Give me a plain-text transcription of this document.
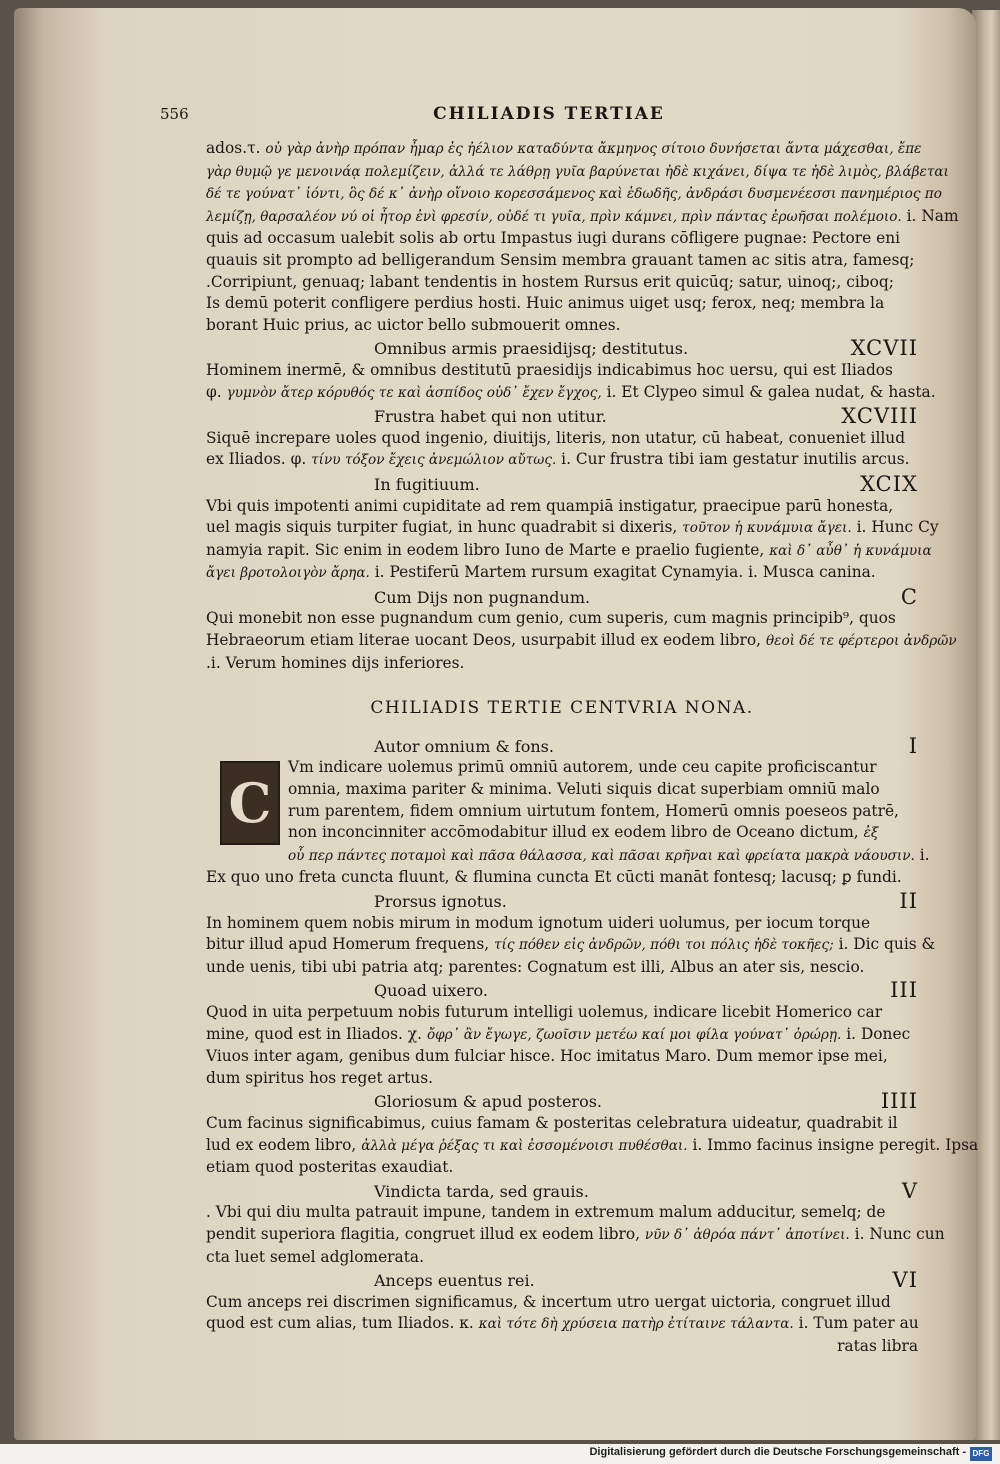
556	CHILIADIS TERTIAE
ados.τ. οὐ γὰρ ἀνὴρ πρόπαν ἦμαρ ἐς ἠέλιον καταδύντα ἄκμηνος σίτοιο δυνήσεται ἄντα μάχεσθαι, ἔπε
γὰρ θυμῷ γε μενοινάᾳ πολεμίζειν, ἀλλά τε λάθρῃ γυῖα βαρύνεται ἠδὲ κιχάνει, δίψα τε ἠδὲ λιμὸς, βλάβεται
δέ τε γούνατ᾽ ἰόντι, ὃς δέ κ᾽ ἀνὴρ οἴνοιο κορεσσάμενος καὶ ἐδωδῆς, ἀνδράσι δυσμενέεσσι πανημέριος πο
λεμίζῃ, θαρσαλέον νύ οἱ ἦτορ ἐνὶ φρεσίν, οὐδέ τι γυῖα, πρὶν κάμνει, πρὶν πάντας ἐρωῆσαι πολέμοιο. i. Nam
quis ad occasum ualebit solis ab ortu Impastus iugi durans cōfligere pugnae: Pectore eni
quauis sit prompto ad belligerandum Sensim membra grauant tamen ac sitis atra, famesq;
.Corripiunt, genuaq; labant tendentis in hostem Rursus erit quicūq; satur, uinoq;, ciboq;
Is demū poterit confligere perdius hosti. Huic animus uiget usq; ferox, neq; membra la
borant Huic prius, ac uictor bello submouerit omnes.
Omnibus armis praesidijsq; destitutus.	XCVII
Hominem inermē, & omnibus destitutū praesidijs indicabimus hoc uersu, qui est Iliados
φ. γυμνὸν ἄτερ κόρυθός τε καὶ ἀσπίδος οὐδ᾽ ἔχεν ἔγχος, i. Et Clypeo simul & galea nudat, & hasta.
Frustra habet qui non utitur.	XCVIII
Siquē increpare uoles quod ingenio, diuitijs, literis, non utatur, cū habeat, conueniet illud
ex Iliados. φ. τίνυ τόξον ἔχεις ἀνεμώλιον αὔτως. i. Cur frustra tibi iam gestatur inutilis arcus.
In fugitiuum.	XCIX
Vbi quis impotenti animi cupiditate ad rem quampiā instigatur, praecipue parū honesta,
uel magis siquis turpiter fugiat, in hunc quadrabit si dixeris, τοῦτον ἡ κυνάμυια ἄγει. i. Hunc Cy
namyia rapit. Sic enim in eodem libro Iuno de Marte e praelio fugiente, καὶ δ᾽ αὖθ᾽ ἡ κυνάμυια
ἄγει βροτολοιγὸν ἄρηα. i. Pestiferū Martem rursum exagitat Cynamyia. i. Musca canina.
Cum Dijs non pugnandum.	C
Qui monebit non esse pugnandum cum genio, cum superis, cum magnis principib⁹, quos
Hebraeorum etiam literae uocant Deos, usurpabit illud ex eodem libro, θεοὶ δέ τε φέρτεροι ἀνδρῶν
.i. Verum homines dijs inferiores.
CHILIADIS TERTIE CENTVRIA NONA.
Autor omnium & fons.	I
C
Vm indicare uolemus primū omniū autorem, unde ceu capite proficiscantur
omnia, maxima pariter & minima. Veluti siquis dicat superbiam omniū malo
rum parentem, fidem omnium uirtutum fontem, Homerū omnis poeseos patrē,
non inconcinniter accōmodabitur illud ex eodem libro de Oceano dictum, ἐξ
οὗ περ πάντες ποταμοὶ καὶ πᾶσα θάλασσα, καὶ πᾶσαι κρῆναι καὶ φρείατα μακρὰ νάουσιν. i.
Ex quo uno freta cuncta fluunt, & flumina cuncta Et cūcti manāt fontesq; lacusq; ꝑ fundi.
Prorsus ignotus.	II
In hominem quem nobis mirum in modum ignotum uideri uolumus, per iocum torque
bitur illud apud Homerum frequens, τίς πόθεν εἰς ἀνδρῶν, πόθι τοι πόλις ἠδὲ τοκῆες; i. Dic quis &
unde uenis, tibi ubi patria atq; parentes: Cognatum est illi, Albus an ater sis, nescio.
Quoad uixero.	III
Quod in uita perpetuum nobis futurum intelligi uolemus, indicare licebit Homerico car
mine, quod est in Iliados. χ. ὄφρ᾽ ἂν ἔγωγε, ζωοῖσιν μετέω καί μοι φίλα γούνατ᾽ ὀρώρῃ. i. Donec
Viuos inter agam, genibus dum fulciar hisce. Hoc imitatus Maro. Dum memor ipse mei,
dum spiritus hos reget artus.
Gloriosum & apud posteros.	IIII
Cum facinus significabimus, cuius famam & posteritas celebratura uideatur, quadrabit il
lud ex eodem libro, ἀλλὰ μέγα ῥέξας τι καὶ ἐσσομένοισι πυθέσθαι. i. Immo facinus insigne peregit. Ipsa
etiam quod posteritas exaudiat.
Vindicta tarda, sed grauis.	V
. Vbi qui diu multa patrauit impune, tandem in extremum malum adducitur, semelq; de
pendit superiora flagitia, congruet illud ex eodem libro, νῦν δ᾽ ἀθρόα πάντ᾽ ἀποτίνει. i. Nunc cun
cta luet semel adglomerata.
Anceps euentus rei.	VI
Cum anceps rei discrimen significamus, & incertum utro uergat uictoria, congruet illud
quod est cum alias, tum Iliados. κ. καὶ τότε δὴ χρύσεια πατὴρ ἐτίταινε τάλαντα. i. Tum pater au
ratas libra
Digitalisierung gefördert durch die Deutsche Forschungsgemeinschaft - DFG
